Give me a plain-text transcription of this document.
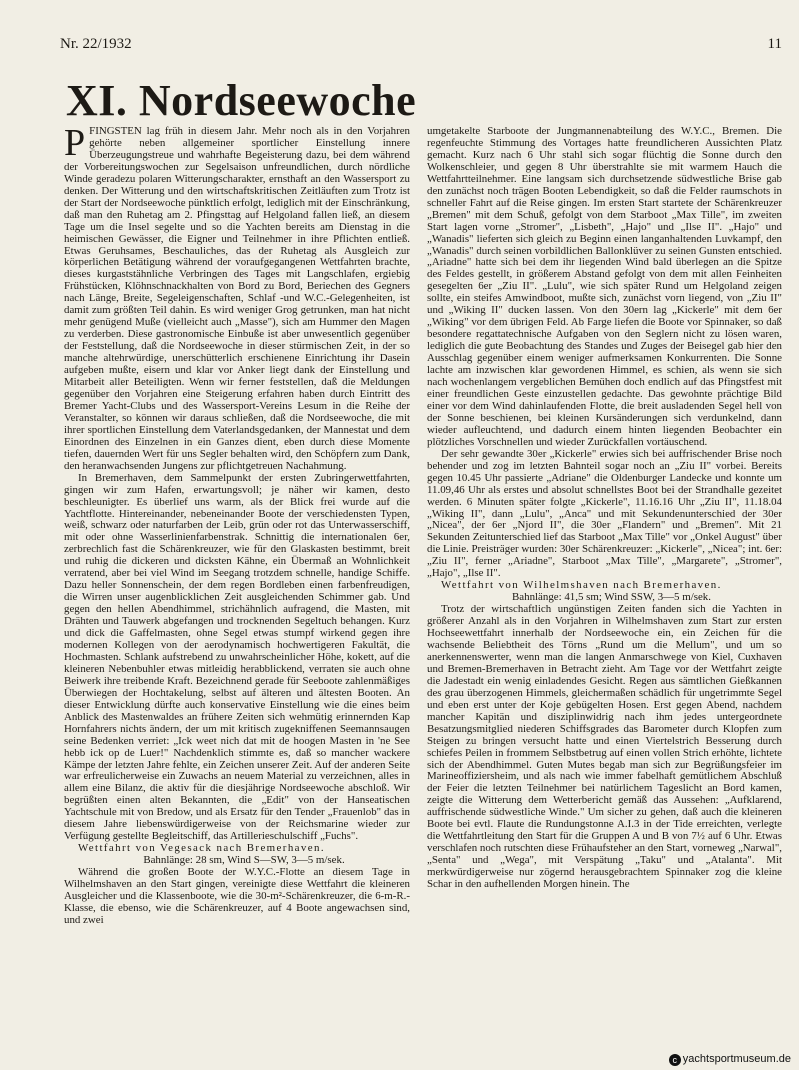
Nr. 22/1932	11
XI. Nordseewoche

PFINGSTEN lag früh in diesem Jahr. Mehr noch als in den Vorjahren gehörte neben allgemeiner sportlicher Einstellung innere Überzeugungstreue und wahrhafte Begeisterung dazu, bei dem während der Vorbereitungswochen zur Segelsaison unfreundlichen, durch nördliche Winde geradezu polaren Witterungscharakter, ernsthaft an den Wassersport zu denken. Der Witterung und den wirtschaftskritischen Zeitläuften zum Trotz ist der Start der Nordseewoche pünktlich erfolgt, lediglich mit der Einschränkung, daß man den Ruhetag am 2. Pfingsttag auf Helgoland fallen ließ, an diesem Tage um die Insel segelte und so die Yachten bereits am Dienstag in die heimischen Gewässer, die Eigner und Teilnehmer in ihre Pflichten entließ. Etwas Geruhsames, Beschauliches, das der Ruhetag als Ausgleich zur körperlichen Betätigung während der voraufgegangenen Wettfahrten brachte, dieses kurgaststähnliche Verbringen des Tages mit Langschlafen, ergiebig Frühstücken, Klöhnschnackhalten von Bord zu Bord, Beriechen des Gegners nach Länge, Breite, Segeleigenschaften, Schlaf -und W.C.-Gelegenheiten, ist damit zum größten Teil dahin. Es wird weniger Grog getrunken, man hat nicht mehr genügend Muße (vielleicht auch „Masse"), sich am Hummer den Magen zu verderben. Diese gastronomische Einbuße ist aber unwesentlich gegenüber der Feststellung, daß die Nordseewoche in dieser stürmischen Zeit, in der so manche altehrwürdige, unerschütterlich erschienene Einrichtung ihr Dasein aufgeben mußte, eisern und klar vor Anker liegt dank der Einstellung und Mitarbeit aller Beteiligten. Wenn wir ferner feststellen, daß die Meldungen gegenüber den Vorjahren eine Steigerung erfahren haben durch Eintritt des Bremer Yacht-Clubs und des Wassersport-Vereins Lesum in die Reihe der Veranstalter, so können wir daraus schließen, daß die Nordseewoche, die mit ihrer sportlichen Einstellung dem Vaterlandsgedanken, der Mannestat und dem Einordnen des Einzelnen in ein Ganzes dient, eben durch diese Momente tiefen, dauernden Wert für uns Segler behalten wird, den Schöpfern zum Dank, den heranwachsenden Jungens zur pflichtgetreuen Nachahmung.

In Bremerhaven, dem Sammelpunkt der ersten Zubringerwettfahrten, gingen wir zum Hafen, erwartungsvoll; je näher wir kamen, desto beschleunigter. Es überlief uns warm, als der Blick frei wurde auf die Yachtflotte. Hintereinander, nebeneinander Boote der verschiedensten Typen, weiß, schwarz oder naturfarben der Leib, grün oder rot das Unterwasserschiff, mit oder ohne Wasserlinienfarbenstrak. Schnittig die internationalen 6er, zerbrechlich fast die Schärenkreuzer, wie für den Glaskasten bestimmt, breit und ruhig die dickeren und dicksten Kähne, ein Übermaß an Wohnlichkeit verratend, aber bei viel Wind im Seegang trotzdem schnelle, handige Schiffe. Dazu heller Sonnenschein, der dem regen Bordleben einen farbenfreudigen, die Wirren unser augenblicklichen Zeit ausgleichenden Schimmer gab. Und gegen den hellen Abendhimmel, strichähnlich aufragend, die Masten, mit Drähten und Tauwerk abgefangen und trocknenden Segeltuch behangen. Kurz und dick die Gaffelmasten, ohne Segel etwas stumpf wirkend gegen ihre modernen Kollegen von der aerodynamisch hochwertigeren Fakultät, die Hochmasten. Schlank aufstrebend zu unwahrscheinlicher Höhe, kokett, auf die kleineren Nebenbuhler etwas mitleidig herabblickend, verraten sie auch ohne Beiwerk ihre treibende Kraft. Bezeichnend gerade für Seeboote zahlenmäßiges Überwiegen der Hochtakelung, selbst auf älteren und ältesten Booten. An dieser Entwicklung dürfte auch konservative Einstellung wie die eines beim Anblick des Mastenwaldes an frühere Zeiten sich wehmütig erinnernden Kap Hornfahrers nichts ändern, der um mit kritisch zugekniffenen Seemannsaugen seine Bedenken verriet: „Ick weet nich dat mit de hoogen Masten in 'ne See hebb ick op de Luer!" Nachdenklich stimmte es, daß so mancher wackere Kämpe der letzten Jahre fehlte, ein Zeichen unserer Zeit. Auf der anderen Seite war erfreulicherweise ein Zuwachs an neuem Material zu verzeichnen, alles in allem eine Bilanz, die aktiv für die diesjährige Nordseewoche abschloß. Wir begrüßten einen alten Bekannten, die „Edit" von der Hanseatischen Yachtschule mit von Bredow, und als Ersatz für den Tender „Frauenlob" das in diesem Jahre liebenswürdigerweise von der Reichsmarine wieder zur Verfügung gestellte Begleitschiff, das Artillerieschulschiff „Fuchs".

Wettfahrt von Vegesack nach Bremerhaven.

Bahnlänge: 28 sm, Wind S—SW, 3—5 m/sek.

Während die großen Boote der W.Y.C.-Flotte an diesem Tage in Wilhelmshaven an den Start gingen, vereinigte diese Wettfahrt die kleineren Ausgleicher und die Klassenboote, wie die 30-m²-Schärenkreuzer, die 6-m-R.-Klasse, die ebenso, wie die Schärenkreuzer, auf 4 Boote angewachsen sind, und zwei

umgetakelte Starboote der Jungmannenabteilung des W.Y.C., Bremen. Die regenfeuchte Stimmung des Vortages hatte freundlicheren Aussichten Platz gemacht. Kurz nach 6 Uhr stahl sich sogar flüchtig die Sonne durch den Wolkenschleier, und gegen 8 Uhr überstrahlte sie mit warmem Hauch die Wettfahrtteilnehmer. Eine langsam sich durchsetzende südwestliche Brise gab den zunächst noch trägen Booten Lebendigkeit, so daß die Felder raumschots in schneller Fahrt auf die Reise gingen. Im ersten Start startete der Schärenkreuzer „Bremen" mit dem Schuß, gefolgt von dem Starboot „Max Tille", im zweiten Start lagen vorne „Stromer", „Lisbeth", „Hajo" und „Ilse II". „Hajo" und „Wanadis" lieferten sich gleich zu Beginn einen langanhaltenden Luvkampf, den „Wanadis" durch seinen vorbildlichen Ballonklüver zu seinen Gunsten entschied. „Ariadne" hatte sich bei dem ihr liegenden Wind bald überlegen an die Spitze des Feldes gestellt, in größerem Abstand gefolgt von dem mit allen Feinheiten gesegelten 6er „Ziu II". „Lulu", wie sich später Rund um Helgoland zeigen sollte, ein steifes Amwindboot, mußte sich, zunächst vorn liegend, von „Ziu II" und „Wiking II" ducken lassen. Von den 30ern lag „Kickerle" mit dem 6er „Wiking" vor dem übrigen Feld. Ab Farge liefen die Boote vor Spinnaker, so daß besondere regattatechnische Aufgaben von den Seglern nicht zu lösen waren, lediglich die gute Beobachtung des Standes und Zuges der Beisegel gab hier den Ausschlag gegenüber einem weniger aufmerksamen Konkurrenten. Die Sonne lachte am inzwischen klar gewordenen Himmel, es schien, als wenn sie sich nach wochenlangem vergeblichen Bemühen doch endlich auf das Pfingstfest mit einer freundlichen Geste einzustellen gedachte. Das gewohnte prächtige Bild einer vor dem Wind dahinlaufenden Flotte, die breit ausladenden Segel hell von der Sonne beschienen, bei kleinen Kursänderungen sich verdunkelnd, dann wieder aufleuchtend, und dadurch einem hinten liegenden Beobachter ein plötzliches Vorschnellen und wieder Zurückfallen vortäuschend.

Der sehr gewandte 30er „Kickerle" erwies sich bei auffrischender Brise noch behender und zog im letzten Bahnteil sogar noch an „Ziu II" vorbei. Bereits gegen 10.45 Uhr passierte „Adriane" die Oldenburger Landecke und konnte um 11.09,46 Uhr als erstes und absolut schnellstes Boot bei der Strandhalle gezeitet werden. 6 Minuten später folgte „Kickerle", 11.16.16 Uhr „Ziu II", 11.18.04 „Wiking II", dann „Lulu", „Anca" und mit Sekundenunterschied der 30er „Nicea", der 6er „Njord II", die 30er „Flandern" und „Bremen". Mit 21 Sekunden Zeitunterschied lief das Starboot „Max Tille" vor „Onkel August" über die Linie. Preisträger wurden: 30er Schärenkreuzer: „Kickerle", „Nicea"; int. 6er: „Ziu II", ferner „Ariadne", Starboot „Max Tille", „Margarete", „Stromer", „Hajo", „Ilse II".

Wettfahrt von Wilhelmshaven nach Bremerhaven.

Bahnlänge: 41,5 sm; Wind SSW, 3—5 m/sek.

Trotz der wirtschaftlich ungünstigen Zeiten fanden sich die Yachten in größerer Anzahl als in den Vorjahren in Wilhelmshaven zum Start zur ersten Hochseewettfahrt innerhalb der Nordseewoche ein, ein Zeichen für die wachsende Beliebtheit des Törns „Rund um die Mellum", und um so anerkennenswerter, wenn man die langen Anmarschwege von Kiel, Cuxhaven und Bremen-Bremerhaven in Betracht zieht. Am Tage vor der Wettfahrt zeigte die Jadestadt ein wenig einladendes Gesicht. Regen aus sämtlichen Gießkannen des grau überzogenen Himmels, gleichermaßen schädlich für ungetrimmte Segel und eben erst unter der Koje gebügelten Hosen. Erst gegen Abend, nachdem mancher Kapitän und disziplinwidrig nach ihm jedes untergeordnete Besatzungsmitglied niederen Schiffsgrades das Barometer durch Klopfen zum Steigen zu bringen versucht hatte und einen Viertelstrich Besserung durch schiefes Peilen in frommem Selbstbetrug auf einen vollen Strich erhöhte, lichtete sich der Abendhimmel. Guten Mutes begab man sich zur Begrüßungsfeier im Marineoffiziersheim, und als nach wie immer fabelhaft gemütlichem Abschluß der Feier die letzten Teilnehmer bei natürlichem Tageslicht an Bord kamen, zeigte die Witterung dem Wetterbericht gemäß das Aussehen: „Aufklarend, auffrischende südwestliche Winde." Um sicher zu gehen, daß auch die kleineren Boote bei evtl. Flaute die Rundungstonne A.I.3 in der Tide erreichten, verlegte die Wettfahrtleitung den Start für die Gruppen A und B von 7½ auf 6 Uhr. Etwas verschlafen noch rutschten diese Frühaufsteher an den Start, vorneweg „Narwal", „Senta" und „Wega", mit Verspätung „Taku" und „Atalanta". Mit merkwürdigerweise nur zögernd herausgebrachtem Spinnaker zog die kleine Schar in den aufhellenden Morgen hinein. The

c yachtsportmuseum.de
